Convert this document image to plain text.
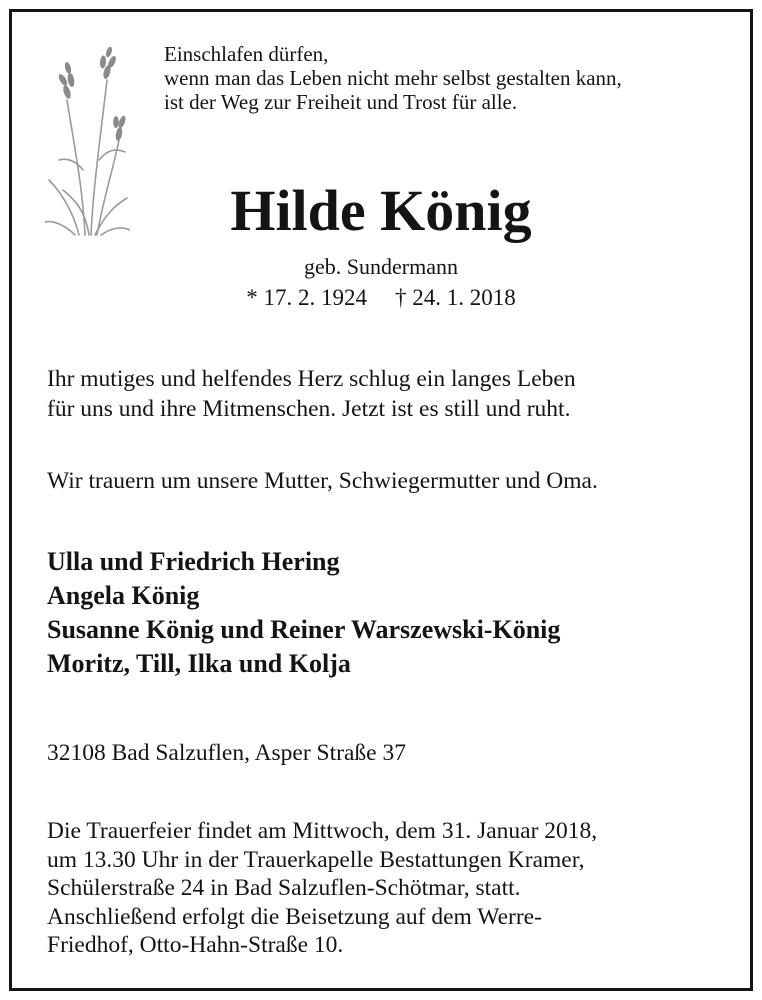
Einschlafen dürfen,
wenn man das Leben nicht mehr selbst gestalten kann,
ist der Weg zur Freiheit und Trost für alle.
Hilde König
geb. Sundermann
* 17. 2. 1924 † 24. 1. 2018
Ihr mutiges und helfendes Herz schlug ein langes Leben
für uns und ihre Mitmenschen. Jetzt ist es still und ruht.
Wir trauern um unsere Mutter, Schwiegermutter und Oma.
Ulla und Friedrich Hering
Angela König
Susanne König und Reiner Warszewski-König
Moritz, Till, Ilka und Kolja
32108 Bad Salzuflen, Asper Straße 37
Die Trauerfeier findet am Mittwoch, dem 31. Januar 2018,
um 13.30 Uhr in der Trauerkapelle Bestattungen Kramer,
Schülerstraße 24 in Bad Salzuflen-Schötmar, statt.
Anschließend erfolgt die Beisetzung auf dem Werre-
Friedhof, Otto-Hahn-Straße 10.
